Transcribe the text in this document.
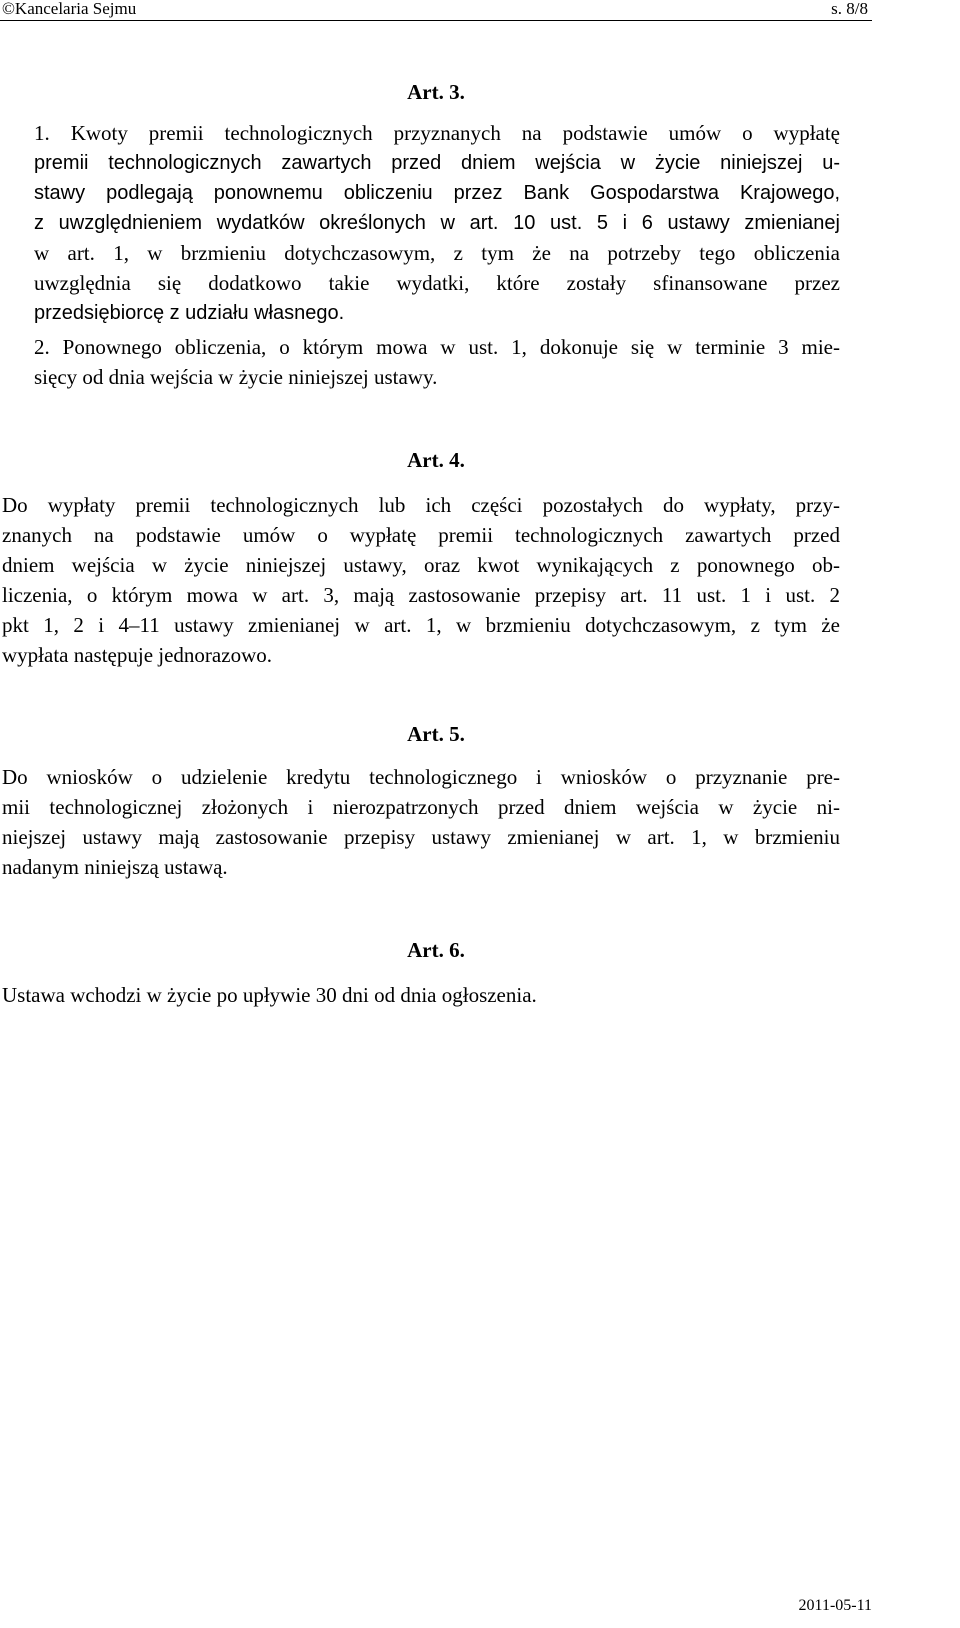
©Kancelaria Sejmu	s. 8/8
Art. 3.
1. Kwoty premii technologicznych przyznanych na podstawie umów o wypłatę
premii technologicznych zawartych przed dniem wejścia w życie niniejszej u-
stawy podlegają ponownemu obliczeniu przez Bank Gospodarstwa Krajowego,
z uwzględnieniem wydatków określonych w art. 10 ust. 5 i 6 ustawy zmienianej
w art. 1, w brzmieniu dotychczasowym, z tym że na potrzeby tego obliczenia
uwzględnia się dodatkowo takie wydatki, które zostały sfinansowane przez
przedsiębiorcę z udziału własnego.
2. Ponownego obliczenia, o którym mowa w ust. 1, dokonuje się w terminie 3 mie-
sięcy od dnia wejścia w życie niniejszej ustawy.
Art. 4.
Do wypłaty premii technologicznych lub ich części pozostałych do wypłaty, przy-
znanych na podstawie umów o wypłatę premii technologicznych zawartych przed
dniem wejścia w życie niniejszej ustawy, oraz kwot wynikających z ponownego ob-
liczenia, o którym mowa w art. 3, mają zastosowanie przepisy art. 11 ust. 1 i ust. 2
pkt 1, 2 i 4–11 ustawy zmienianej w art. 1, w brzmieniu dotychczasowym, z tym że
wypłata następuje jednorazowo.
Art. 5.
Do wniosków o udzielenie kredytu technologicznego i wniosków o przyznanie pre-
mii technologicznej złożonych i nierozpatrzonych przed dniem wejścia w życie ni-
niejszej ustawy mają zastosowanie przepisy ustawy zmienianej w art. 1, w brzmieniu
nadanym niniejszą ustawą.
Art. 6.
Ustawa wchodzi w życie po upływie 30 dni od dnia ogłoszenia.
2011-05-11
